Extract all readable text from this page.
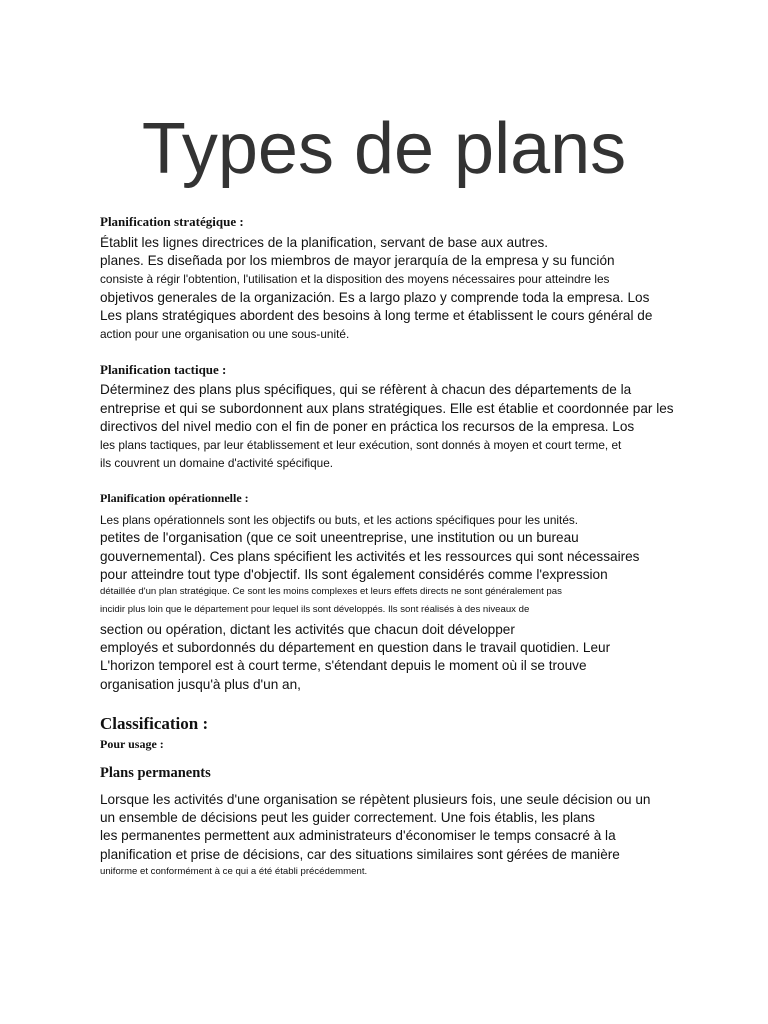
Types de plans
Planification stratégique :
Établit les lignes directrices de la planification, servant de base aux autres.
planes. Es diseñada por los miembros de mayor jerarquía de la empresa y su función
consiste à régir l'obtention, l'utilisation et la disposition des moyens nécessaires pour atteindre les
objetivos generales de la organización. Es a largo plazo y comprende toda la empresa. Los
Les plans stratégiques abordent des besoins à long terme et établissent le cours général de
action pour une organisation ou une sous-unité.
Planification tactique :
Déterminez des plans plus spécifiques, qui se réfèrent à chacun des départements de la
entreprise et qui se subordonnent aux plans stratégiques. Elle est établie et coordonnée par les
directivos del nivel medio con el fin de poner en práctica los recursos de la empresa. Los
les plans tactiques, par leur établissement et leur exécution, sont donnés à moyen et court terme, et
ils couvrent un domaine d'activité spécifique.
Planification opérationnelle :
Les plans opérationnels sont les objectifs ou buts, et les actions spécifiques pour les unités.
petites de l'organisation (que ce soit uneentreprise, une institution ou un bureau
gouvernemental). Ces plans spécifient les activités et les ressources qui sont nécessaires
pour atteindre tout type d'objectif. Ils sont également considérés comme l'expression
détaillée d'un plan stratégique. Ce sont les moins complexes et leurs effets directs ne sont généralement pas
incidir plus loin que le département pour lequel ils sont développés. Ils sont réalisés à des niveaux de
section ou opération, dictant les activités que chacun doit développer
employés et subordonnés du département en question dans le travail quotidien. Leur
L'horizon temporel est à court terme, s'étendant depuis le moment où il se trouve
organisation jusqu'à plus d'un an,
Classification :
Pour usage :
Plans permanents
Lorsque les activités d'une organisation se répètent plusieurs fois, une seule décision ou un
un ensemble de décisions peut les guider correctement. Une fois établis, les plans
les permanentes permettent aux administrateurs d'économiser le temps consacré à la
planification et prise de décisions, car des situations similaires sont gérées de manière
uniforme et conformément à ce qui a été établi précédemment.
